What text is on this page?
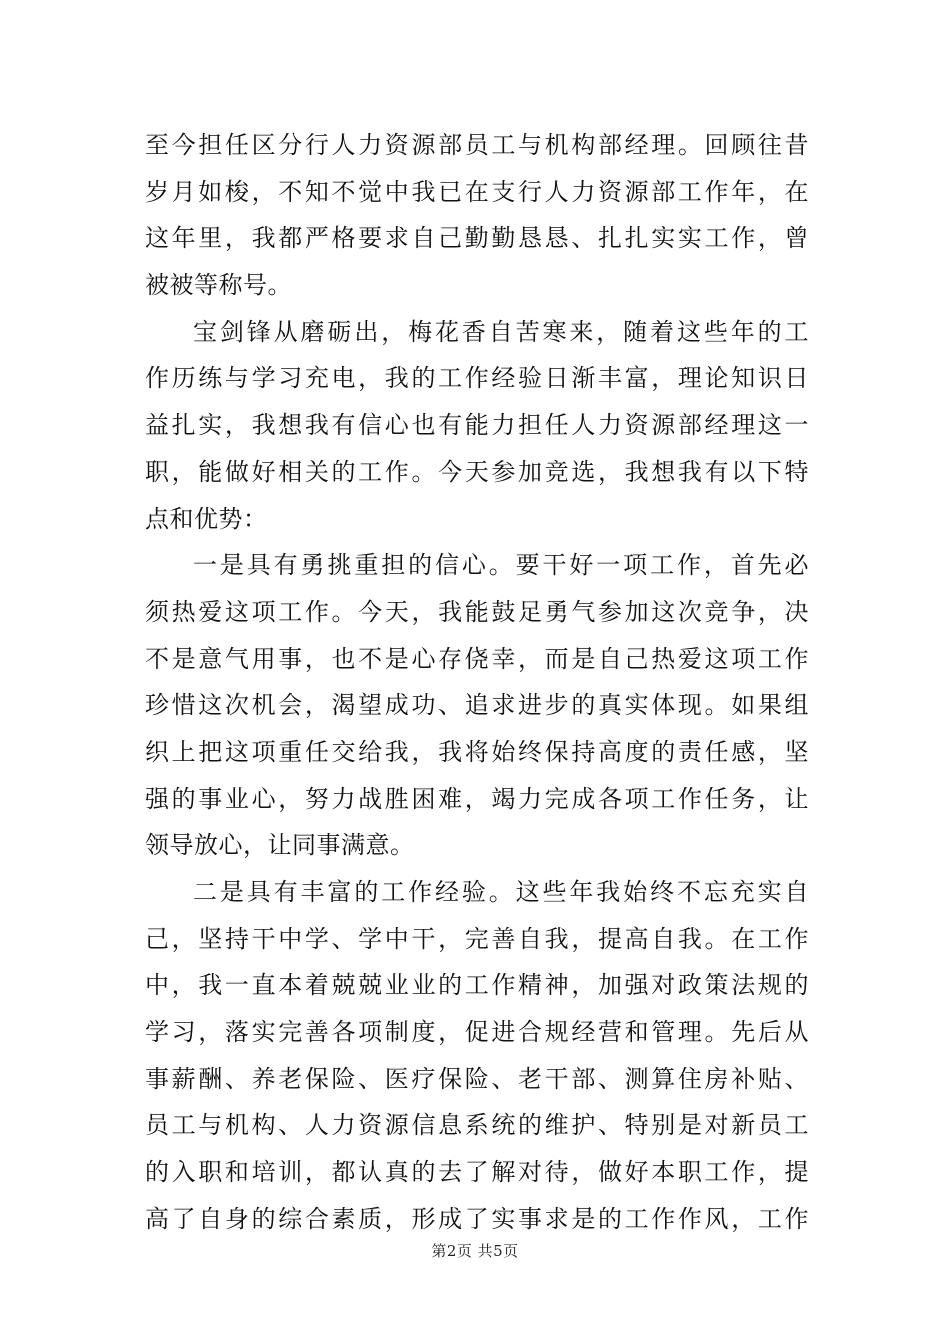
至今担任区分行人力资源部员工与机构部经理。回顾往昔
岁月如梭，不知不觉中我已在支行人力资源部工作年，在
这年里，我都严格要求自己勤勤恳恳、扎扎实实工作，曾
被被等称号。
宝剑锋从磨砺出，梅花香自苦寒来，随着这些年的工
作历练与学习充电，我的工作经验日渐丰富，理论知识日
益扎实，我想我有信心也有能力担任人力资源部经理这一
职，能做好相关的工作。今天参加竞选，我想我有以下特
点和优势：
一是具有勇挑重担的信心。要干好一项工作，首先必
须热爱这项工作。今天，我能鼓足勇气参加这次竞争，决
不是意气用事，也不是心存侥幸，而是自己热爱这项工作
珍惜这次机会，渴望成功、追求进步的真实体现。如果组
织上把这项重任交给我，我将始终保持高度的责任感，坚
强的事业心，努力战胜困难，竭力完成各项工作任务，让
领导放心，让同事满意。
二是具有丰富的工作经验。这些年我始终不忘充实自
己，坚持干中学、学中干，完善自我，提高自我。在工作
中，我一直本着兢兢业业的工作精神，加强对政策法规的
学习，落实完善各项制度，促进合规经营和管理。先后从
事薪酬、养老保险、医疗保险、老干部、测算住房补贴、
员工与机构、人力资源信息系统的维护、特别是对新员工
的入职和培训，都认真的去了解对待，做好本职工作，提
高了自身的综合素质，形成了实事求是的工作作风，工作
第2页 共5页
